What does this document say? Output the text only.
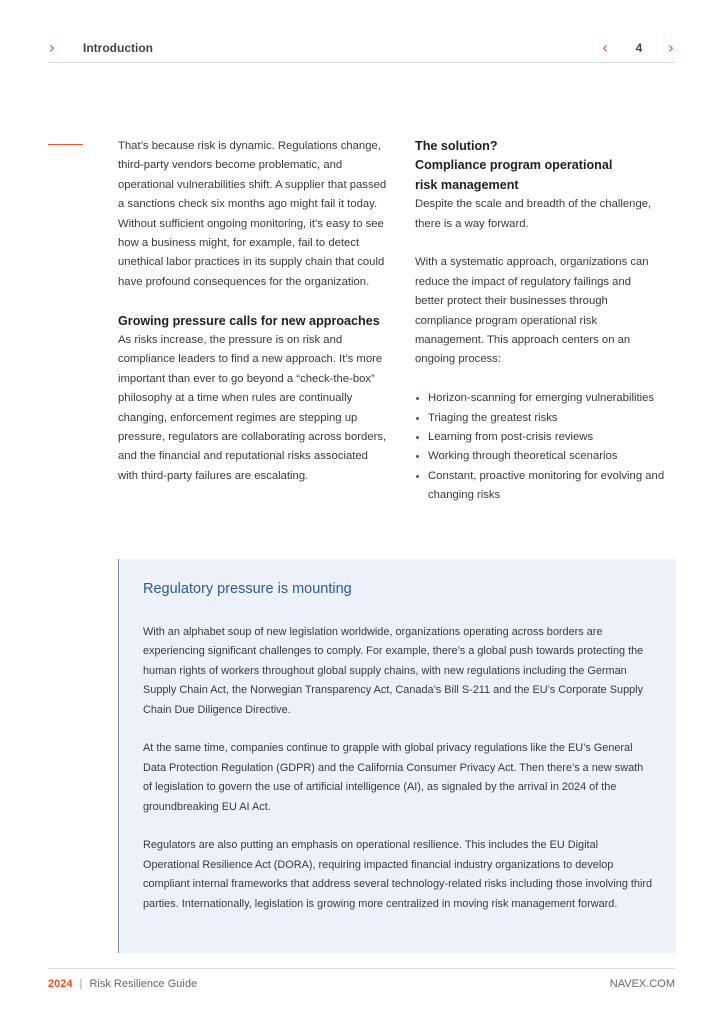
›	Introduction	‹	4 ›

That’s because risk is dynamic. Regulations change, third-party vendors become problematic, and operational vulnerabilities shift. A supplier that passed a sanctions check six months ago might fail it today. Without sufficient ongoing monitoring, it’s easy to see how a business might, for example, fail to detect unethical labor practices in its supply chain that could have profound consequences for the organization.

Growing pressure calls for new approaches

As risks increase, the pressure is on risk and compliance leaders to find a new approach. It’s more important than ever to go beyond a “check-the-box” philosophy at a time when rules are continually changing, enforcement regimes are stepping up pressure, regulators are collaborating across borders, and the financial and reputational risks associated with third-party failures are escalating.

The solution?
Compliance program operational risk management

Despite the scale and breadth of the challenge, there is a way forward.

With a systematic approach, organizations can reduce the impact of regulatory failings and better protect their businesses through compliance program operational risk management. This approach centers on an ongoing process:

Horizon-scanning for emerging vulnerabilities
Triaging the greatest risks
Learning from post-crisis reviews
Working through theoretical scenarios
Constant, proactive monitoring for evolving and changing risks
Regulatory pressure is mounting

With an alphabet soup of new legislation worldwide, organizations operating across borders are experiencing significant challenges to comply. For example, there’s a global push towards protecting the human rights of workers throughout global supply chains, with new regulations including the German Supply Chain Act, the Norwegian Transparency Act, Canada’s Bill S-211 and the EU’s Corporate Supply Chain Due Diligence Directive.

At the same time, companies continue to grapple with global privacy regulations like the EU’s General Data Protection Regulation (GDPR) and the California Consumer Privacy Act. Then there’s a new swath of legislation to govern the use of artificial intelligence (AI), as signaled by the arrival in 2024 of the groundbreaking EU AI Act.

Regulators are also putting an emphasis on operational resilience. This includes the EU Digital Operational Resilience Act (DORA), requiring impacted financial industry organizations to develop compliant internal frameworks that address several technology-related risks including those involving third parties. Internationally, legislation is growing more centralized in moving risk management forward.

2024 | Risk Resilience Guide	NAVEX.COM
